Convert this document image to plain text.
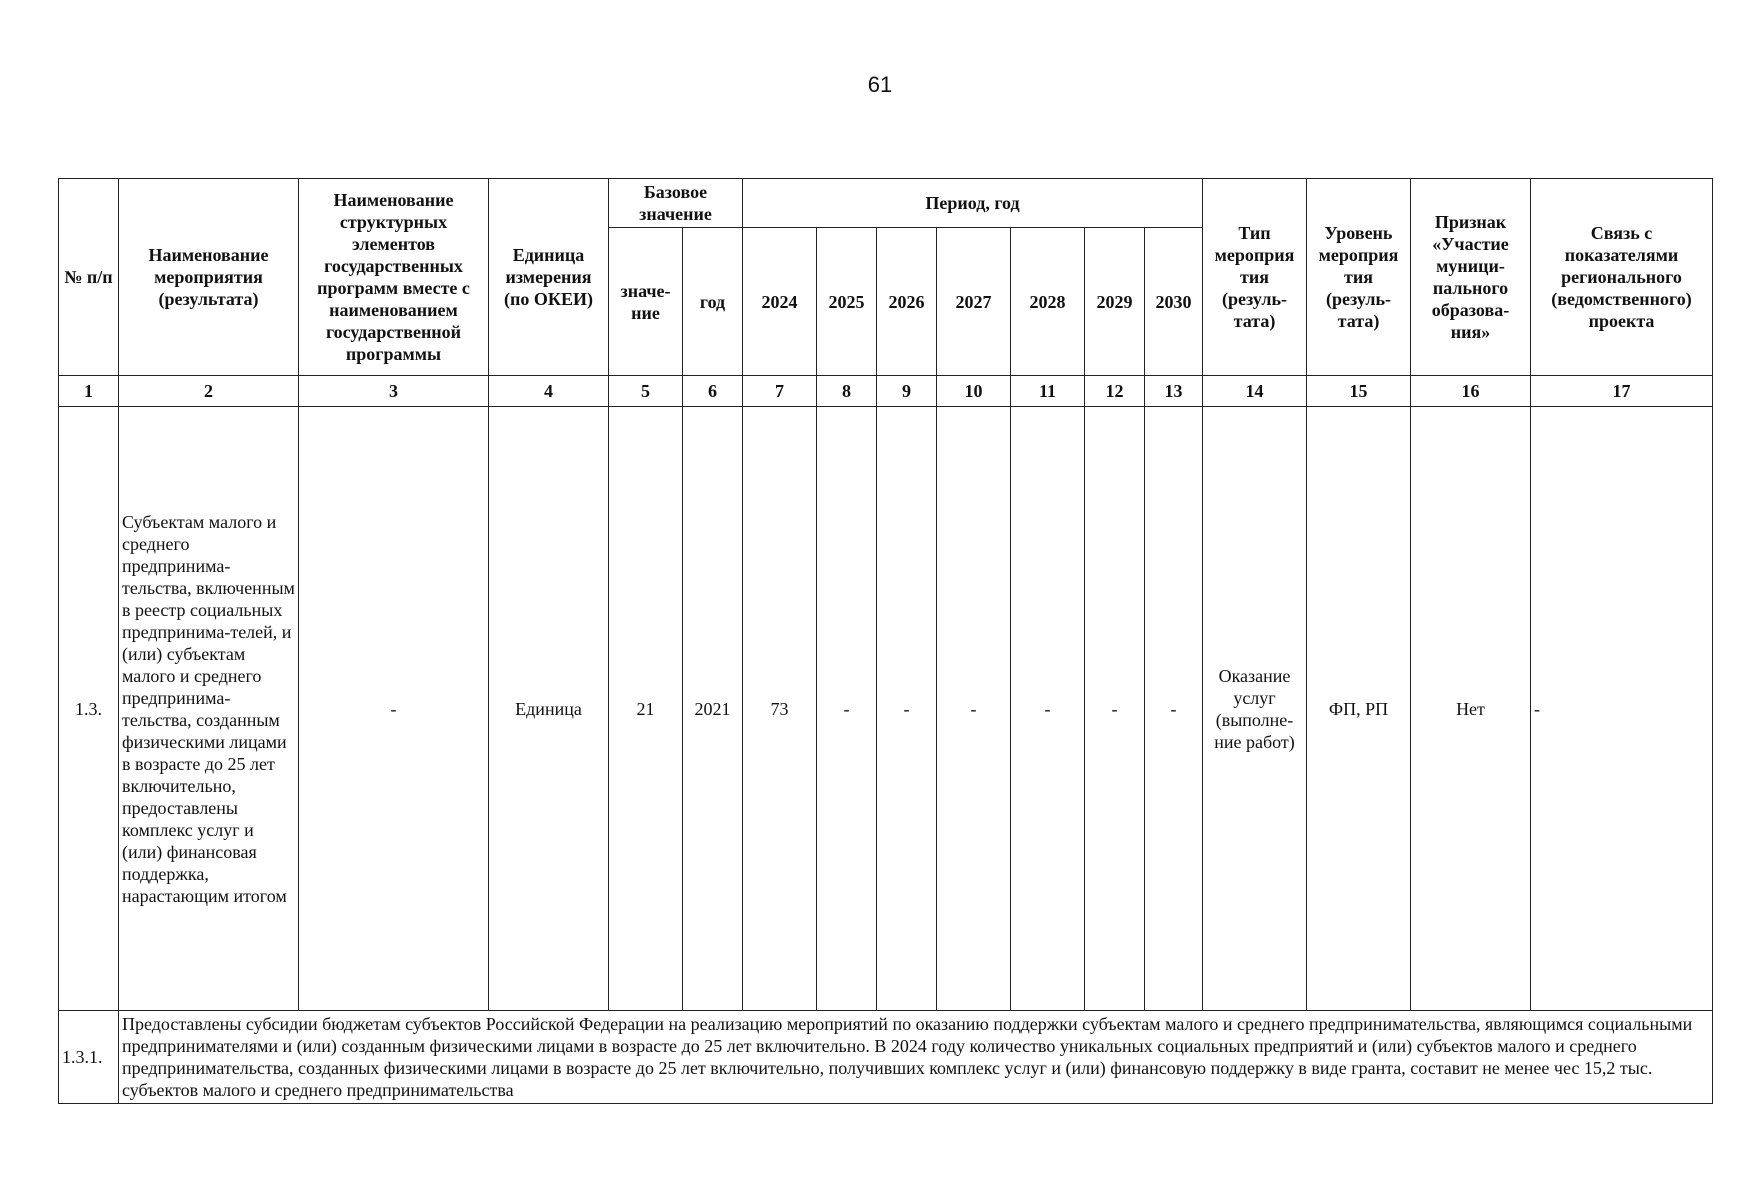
61
№ п/п	Наименование мероприятия (результата)	Наименование структурных элементов государственных программ вместе с наименованием государственной программы	Единица измерения (по ОКЕИ)	Базовое значение		Период, год							Тип мероприя тия (резуль-тата)	Уровень мероприя тия (резуль-тата)	Признак «Участие муници-пального образова-ния»	Связь с показателями регионального (ведомственного) проекта
				значе-ние	год	2024	2025	2026	2027	2028	2029	2030				
1	2	3	4	5	6	7	8	9	10	11	12	13	14	15	16	17
1.3.	Субъектам малого и среднего предпринима-тельства, включенным в реестр социальных предпринима-телей, и (или) субъектам малого и среднего предпринима-тельства, созданным физическими лицами в возрасте до 25 лет включительно, предоставлены комплекс услуг и (или) финансовая поддержка, нарастающим итогом	-	Единица	21	2021	73	-	-	-	-	-	-	Оказание услуг (выполне-ние работ)	ФП, РП	Нет	-
1.3.1.	Предоставлены субсидии бюджетам субъектов Российской Федерации на реализацию мероприятий по оказанию поддержки субъектам малого и среднего предпринимательства, являющимся социальными предпринимателями и (или) созданным физическими лицами в возрасте до 25 лет включительно. В 2024 году количество уникальных социальных предприятий и (или) субъектов малого и среднего предпринимательства, созданных физическими лицами в возрасте до 25 лет включительно, получивших комплекс услуг и (или) финансовую поддержку в виде гранта, составит не менее чес 15,2 тыс. субъектов малого и среднего предпринимательства															
